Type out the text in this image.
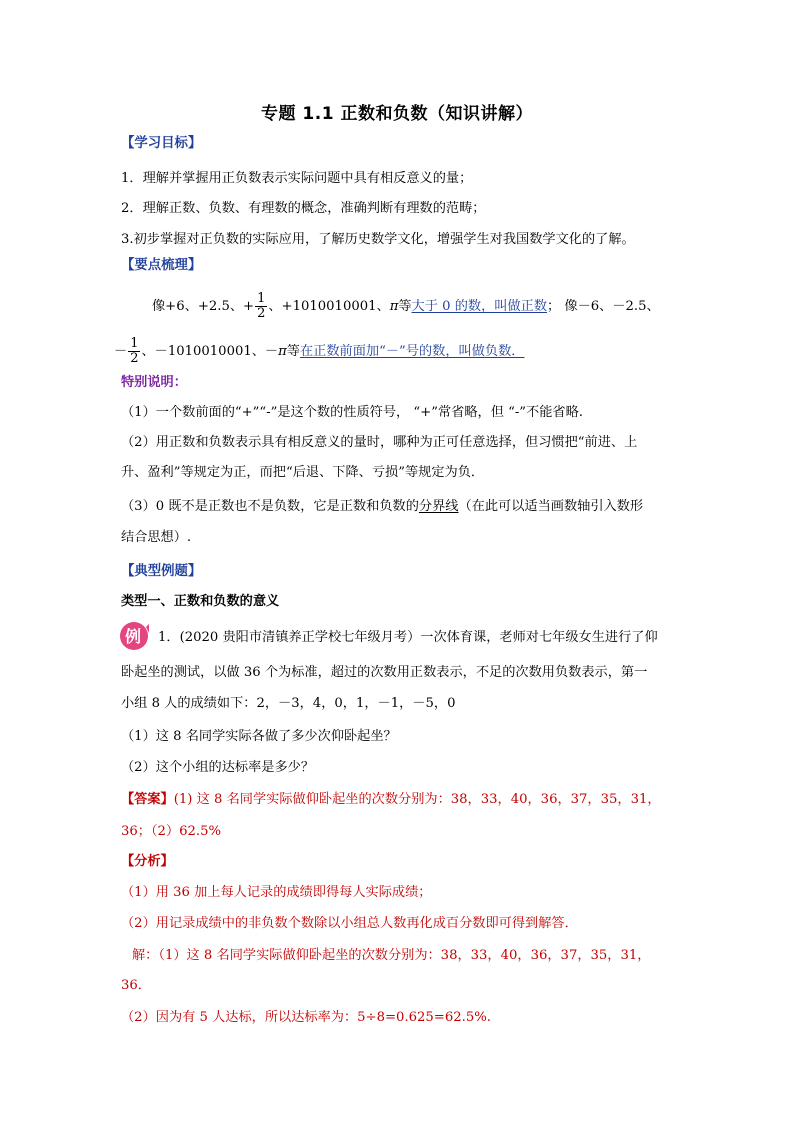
专题 1.1 正数和负数（知识讲解）
【学习目标】
1．理解并掌握用正负数表示实际问题中具有相反意义的量；
2．理解正数、负数、有理数的概念，准确判断有理数的范畴；
3.初步掌握对正负数的实际应用，了解历史数学文化，增强学生对我国数学文化的了解。
【要点梳理】
像+6、+2.5、+ $\frac{1}{2}$ 、+1010010001、π等大于 0 的数，叫做正数； 像－6、－2.5、
－ $\frac{1}{2}$ 、－1010010001、－π等在正数前面加“－”号的数，叫做负数．
特别说明：
（1）一个数前面的“+”“-”是这个数的性质符号， “+”常省略，但 “-”不能省略.
（2）用正数和负数表示具有相反意义的量时，哪种为正可任意选择，但习惯把“前进、上
升、盈利”等规定为正，而把“后退、下降、亏损”等规定为负．
（3）0 既不是正数也不是负数，它是正数和负数的分界线（在此可以适当画数轴引入数形
结合思想）.
【典型例题】
类型一、正数和负数的意义
例 1．(2020 贵阳市清镇养正学校七年级月考）一次体育课，老师对七年级女生进行了仰
卧起坐的测试，以做 36 个为标准，超过的次数用正数表示，不足的次数用负数表示，第一
小组 8 人的成绩如下：2，－3，4，0，1，－1，－5，0
（1）这 8 名同学实际各做了多少次仰卧起坐？
（2）这个小组的达标率是多少？
【答案】(1) 这 8 名同学实际做仰卧起坐的次数分别为：38，33，40，36，37，35，31，
36；（2）62.5%
【分析】
（1）用 36 加上每人记录的成绩即得每人实际成绩；
（2）用记录成绩中的非负数个数除以小组总人数再化成百分数即可得到解答．
解：（1）这 8 名同学实际做仰卧起坐的次数分别为：38，33，40，36，37，35，31，
36．
（2）因为有 5 人达标，所以达标率为：5÷8=0.625=62.5%.
